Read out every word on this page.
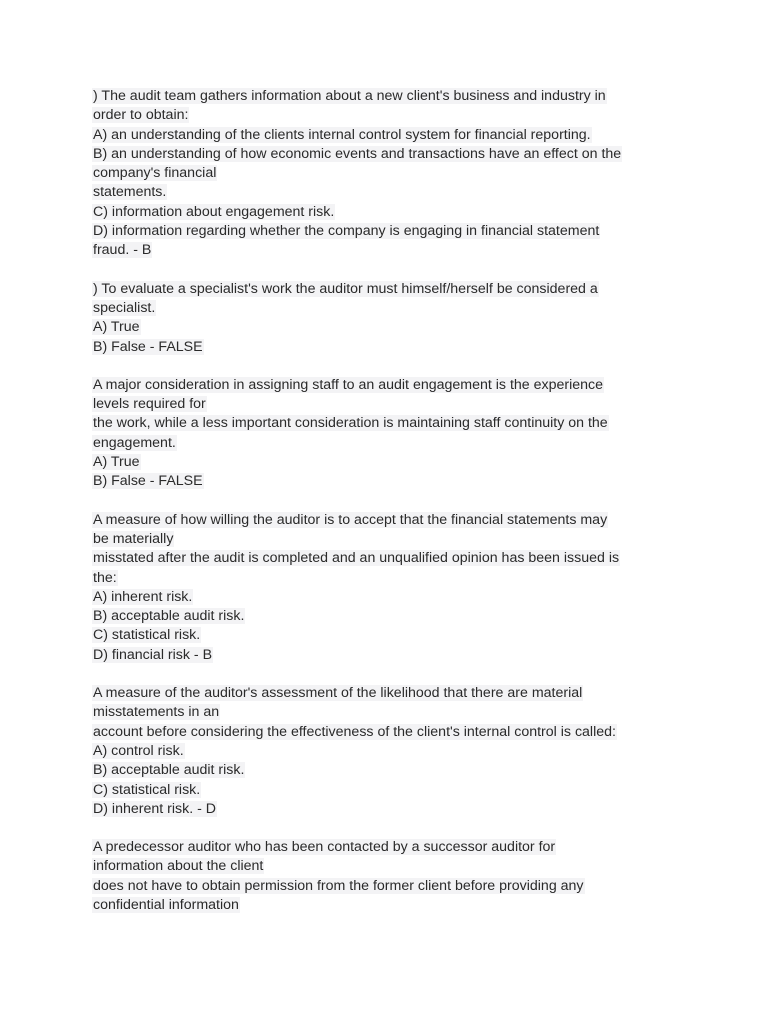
) The audit team gathers information about a new client's business and industry in
order to obtain:
A) an understanding of the clients internal control system for financial reporting.
B) an understanding of how economic events and transactions have an effect on the
company's financial
statements.
C) information about engagement risk.
D) information regarding whether the company is engaging in financial statement
fraud. - B
) To evaluate a specialist's work the auditor must himself/herself be considered a
specialist.
A) True
B) False - FALSE
A major consideration in assigning staff to an audit engagement is the experience
levels required for
the work, while a less important consideration is maintaining staff continuity on the
engagement.
A) True
B) False - FALSE
A measure of how willing the auditor is to accept that the financial statements may
be materially
misstated after the audit is completed and an unqualified opinion has been issued is
the:
A) inherent risk.
B) acceptable audit risk.
C) statistical risk.
D) financial risk - B
A measure of the auditor's assessment of the likelihood that there are material
misstatements in an
account before considering the effectiveness of the client's internal control is called:
A) control risk.
B) acceptable audit risk.
C) statistical risk.
D) inherent risk. - D
A predecessor auditor who has been contacted by a successor auditor for
information about the client
does not have to obtain permission from the former client before providing any
confidential information
